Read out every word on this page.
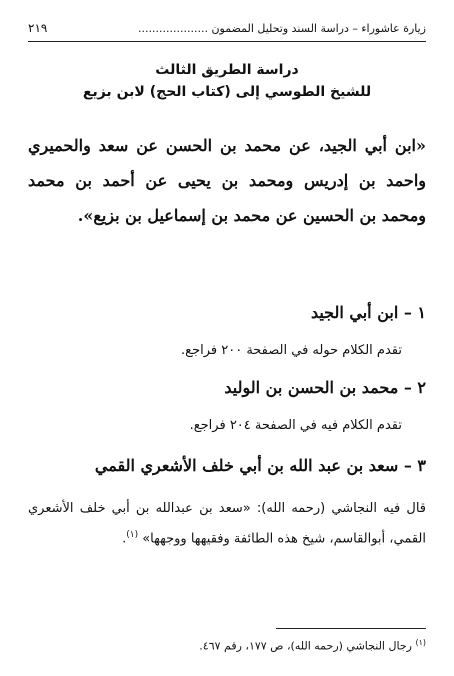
زيارة عاشوراء – دراسة السند وتحليل المضمون ....................
٢١٩
دراسة الطريق الثالث
للشيخ الطوسي إلى (كتاب الحج) لابن بزيع
«ابن أبي الجيد، عن محمد بن الحسن عن سعد والحميري واحمد بن إدريس ومحمد بن يحيى عن أحمد بن محمد ومحمد بن الحسين عن محمد بن إسماعيل بن بزيع».
١ – ابن أبي الجيد
تقدم الكلام حوله في الصفحة ٢٠٠ فراجع.
٢ – محمد بن الحسن بن الوليد
تقدم الكلام فيه في الصفحة ٢٠٤ فراجع.
٣ – سعد بن عبد الله بن أبي خلف الأشعري القمي
قال فيه النجاشي (رحمه الله): «سعد بن عبدالله بن أبي خلف الأشعري القمي، أبوالقاسم، شيخ هذه الطائفة وفقيهها ووجهها» $^{(١)}$.
$^{(١)}$ رجال النجاشي (رحمه الله)، ص ١٧٧، رقم ٤٦٧.
